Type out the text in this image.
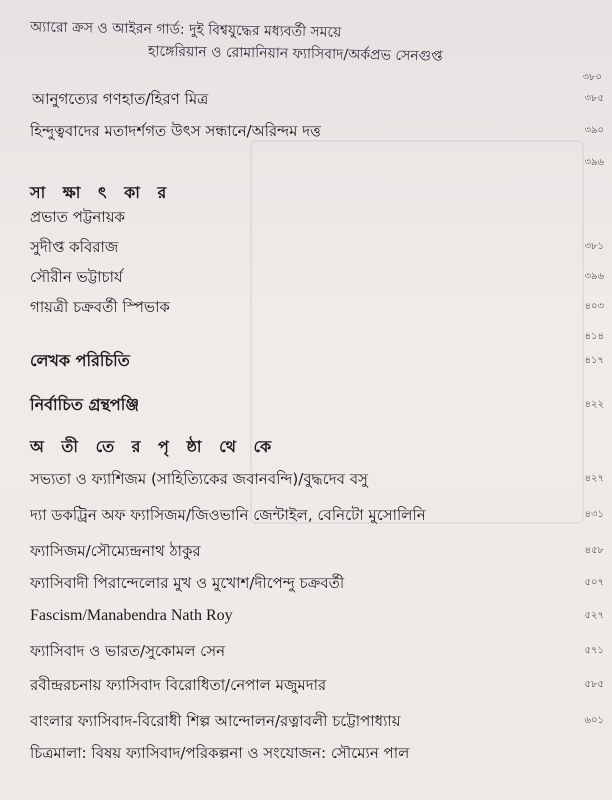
অ্যারো ক্রস ও আইরন গার্ড: দুই বিশ্বযুদ্ধের মধ্যবর্তী সময়ে
হাঙ্গেরিয়ান ও রোমানিয়ান ফ্যাসিবাদ/অর্কপ্রভ সেনগুপ্ত
৩৮০
আনুগত্যের গণহাত/হিরণ মিত্র	৩৮৫
হিন্দুত্ববাদের মতাদর্শগত উৎস সন্ধানে/অরিন্দম দত্ত	৩৯০
৩৯৬
সা ক্ষা ৎ কা র
প্রভাত পট্টনায়ক
সুদীপ্ত কবিরাজ	৩৮১
সৌরীন ভট্টাচার্য	৩৯৬
গায়ত্রী চক্রবর্তী স্পিভাক	৪০৩
৪১৪
লেখক পরিচিতি	৪১৭
নির্বাচিত গ্রন্থপঞ্জি	৪২২
অ তী তে র পৃ ষ্ঠা থে কে
সভ্যতা ও ফ্যাশিজম (সাহিত্যিকের জবানবন্দি)/বুদ্ধদেব বসু	৪২৭
দ্যা ডকট্রিন অফ ফ্যাসিজম/জিওভানি জেন্টাইল, বেনিটো মুসোলিনি	৪৩১
ফ্যাসিজম/সৌম্যেন্দ্রনাথ ঠাকুর	৪৫৮
ফ্যাসিবাদী পিরান্দেলোর মুখ ও মুখোশ/দীপেন্দু চক্রবর্তী	৫০৭
Fascism/Manabendra Nath Roy	৫২৭
ফ্যাসিবাদ ও ভারত/সুকোমল সেন	৫৭১
রবীন্দ্ররচনায় ফ্যাসিবাদ বিরোধিতা/নেপাল মজুমদার	৫৮৫
বাংলার ফ্যাসিবাদ-বিরোধী শিল্প আন্দোলন/রত্নাবলী চট্টোপাধ্যায়	৬০১
চিত্রমালা: বিষয় ফ্যাসিবাদ/পরিকল্পনা ও সংযোজন: সৌম্যেন পাল
